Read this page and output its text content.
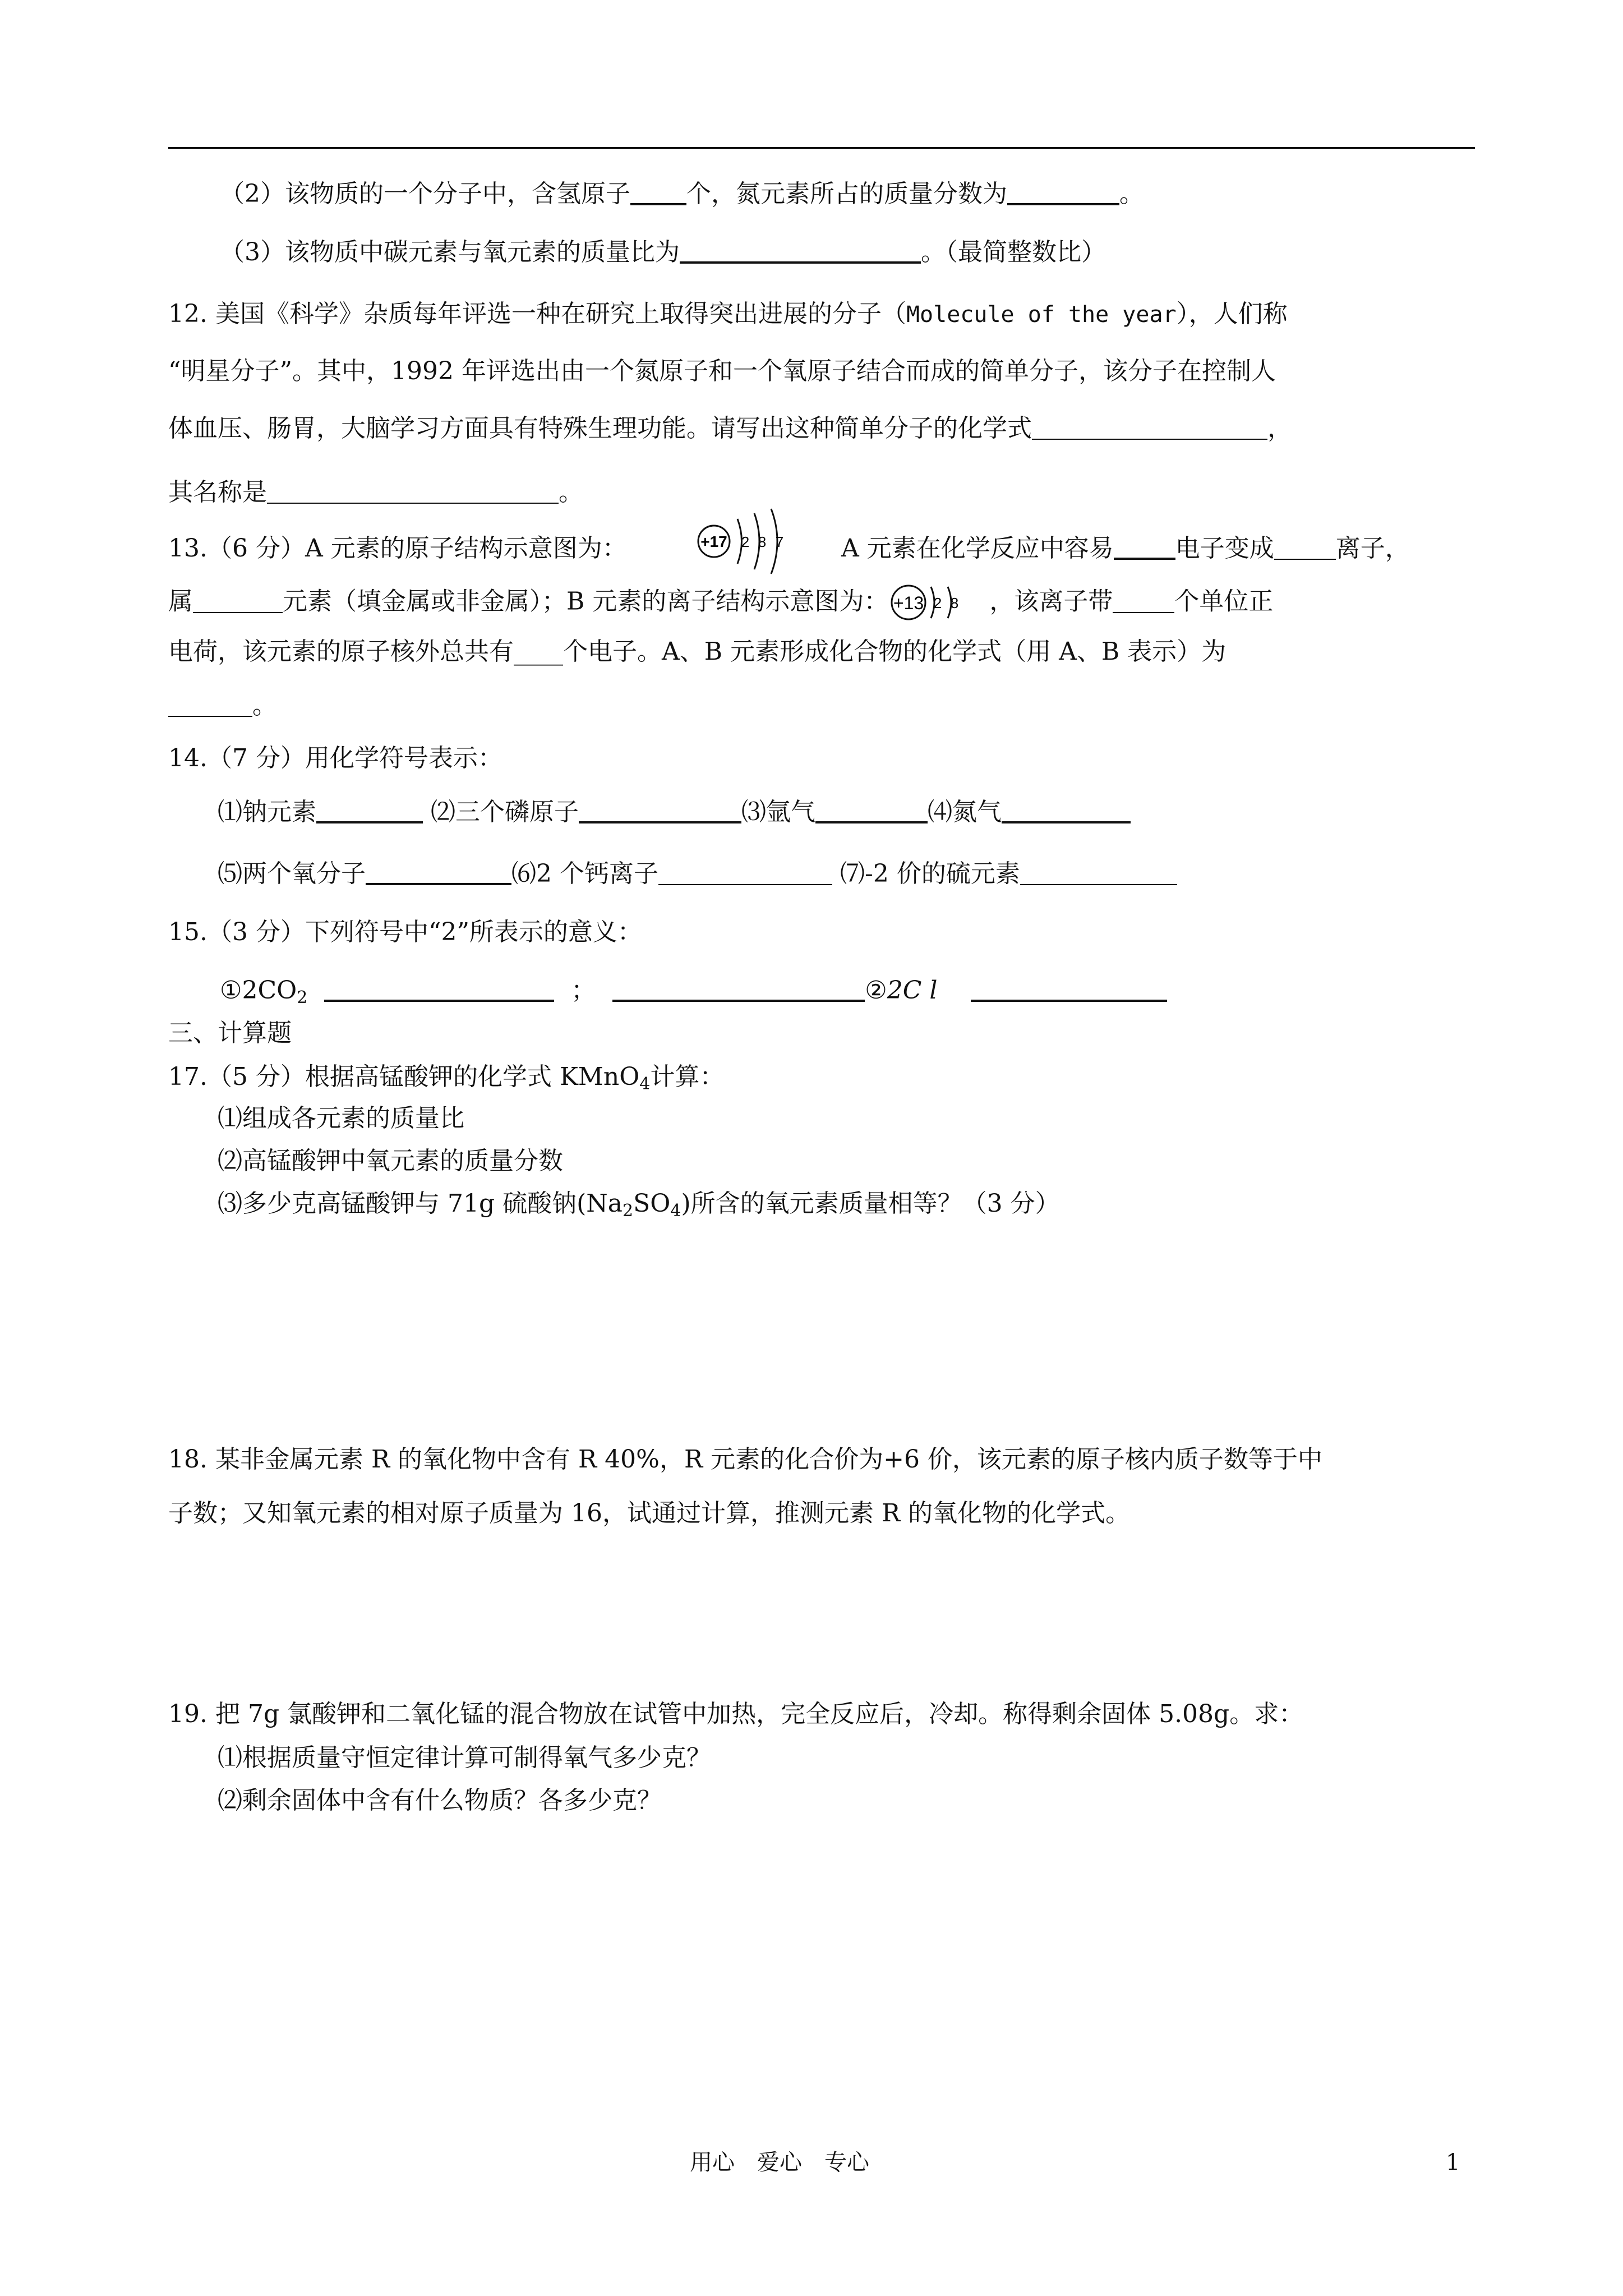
（2）该物质的一个分子中，含氢原子 个，氮元素所占的质量分数为	。
（3）该物质中碳元素与氧元素的质量比为	。（最简整数比）
12. 美国《科学》杂质每年评选一种在研究上取得突出进展的分子（Molecule of the year），人们称
“明星分子”。其中，1992 年评选出由一个氮原子和一个氧原子结合而成的简单分子，该分子在控制人
体血压、肠胃，大脑学习方面具有特殊生理功能。请写出这种简单分子的化学式	，
其名称是	。
13.（6 分）A 元素的原子结构示意图为：	+17 2 8 7 A 元素在化学反应中容易	电子变成	离子，
属	元素（填金属或非金属）；B 元素的离子结构示意图为： +13 2 8 ，该离子带	个单位正
电荷，该元素的原子核外总共有____个电子。A、B 元素形成化合物的化学式（用 A、B 表示）为
。
14.（7 分）用化学符号表示：
⑴钠元素	⑵三个磷原子	⑶氩气	⑷氮气
⑸两个氧分子	⑹2 个钙离子	⑺-2 价的硫元素
15.（3 分）下列符号中“2”所表示的意义：
$①2CO_2$	；	②2C l
三、计算题
17.（5 分）根据高锰酸钾的化学式 KMnO$_4$计算：
⑴组成各元素的质量比
⑵高锰酸钾中氧元素的质量分数
⑶多少克高锰酸钾与 71g 硫酸钠$(Na_2SO_4)$所含的氧元素质量相等？（3 分）
18. 某非金属元素 R 的氧化物中含有 R 40%，R 元素的化合价为+6 价，该元素的原子核内质子数等于中
子数；又知氧元素的相对原子质量为 16，试通过计算，推测元素 R 的氧化物的化学式。
19. 把 7g 氯酸钾和二氧化锰的混合物放在试管中加热，完全反应后，冷却。称得剩余固体 5.08g。求：
⑴根据质量守恒定律计算可制得氧气多少克？
⑵剩余固体中含有什么物质？各多少克？
用心　爱心　专心	1
